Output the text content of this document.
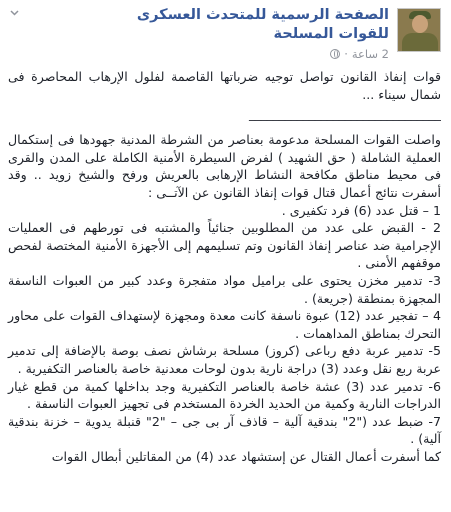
الصفحة الرسمية للمتحدث العسكرى للقوات المسلحة
2 ساعة
·

قوات إنفاذ القانون تواصل توجيه ضرباتها القاصمة لفلول الإرهاب المحاصرة فى شمال سيناء ...

________________________________

واصلت القوات المسلحة مدعومة بعناصر من الشرطة المدنية جهودها فى إستكمال العملية الشاملة ( حق الشهيد ) لفرض السيطرة الأمنية الكاملة على المدن والقرى فى محيط مناطق مكافحة النشاط الإرهابى بالعريش ورفح والشيخ زويد .. وقد أسفرت نتائج أعمال قتال قوات إنفاذ القانون عن الآتــى :

1 – قتل عدد (6) فرد تكفيرى .

2 - القبض على عدد من المطلوبين جنائياً والمشتبه فى تورطهم فى العمليات الإجرامية ضد عناصر إنفاذ القانون وتم تسليمهم إلى الأجهزة الأمنية المختصة لفحص موقفهم الأمنى .

3- تدمير مخزن يحتوى على براميل مواد متفجرة وعدد كبير من العبوات الناسفة المجهزة بمنطقة (جريعة) .

4 – تفجير عدد (12) عبوة ناسفة كانت معدة ومجهزة لإستهداف القوات على محاور التحرك بمناطق المداهمات .

5- تدمير عربة دفع رباعى (كروز) مسلحة برشاش نصف بوصة بالإضافة إلى تدمير عربة ربع نقل وعدد (3) دراجة نارية بدون لوحات معدنية خاصة بالعناصر التكفيرية .

6- تدمير عدد (3) عشة خاصة بالعناصر التكفيرية وجد بداخلها كمية من قطع غيار الدراجات النارية وكمية من الحديد الخردة المستخدم فى تجهيز العبوات الناسفة .

7- ضبط عدد ("2" بندقية آلية – قاذف آر بى جى – "2" قنبلة يدوية – خزنة بندقية آلية) .

كما أسفرت أعمال القتال عن إستشهاد عدد (4) من المقاتلين أبطال القوات
